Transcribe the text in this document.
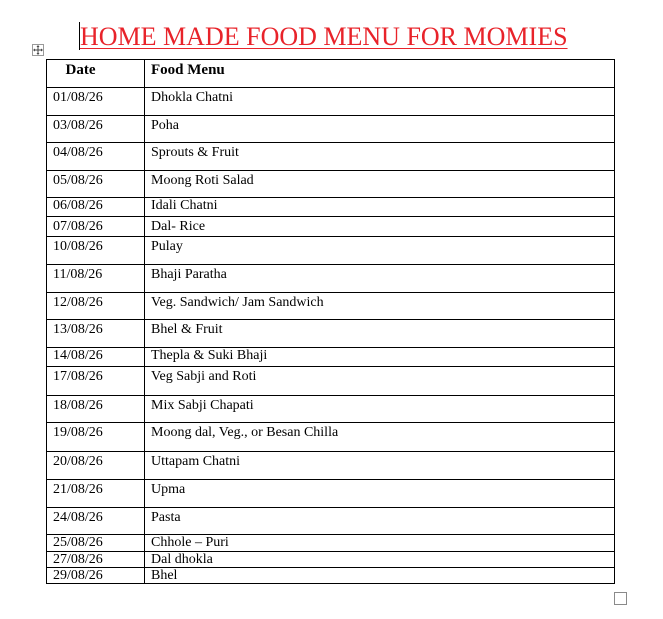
HOME MADE FOOD MENU FOR MOMIES
Date	Food Menu

01/08/26	Dhokla Chatni

03/08/26	Poha

04/08/26	Sprouts & Fruit

05/08/26	Moong Roti Salad

06/08/26	Idali Chatni

07/08/26	Dal- Rice

10/08/26	Pulay

11/08/26	Bhaji Paratha

12/08/26	Veg. Sandwich/ Jam Sandwich

13/08/26	Bhel & Fruit

14/08/26	Thepla & Suki Bhaji

17/08/26	Veg Sabji and Roti

18/08/26	Mix Sabji Chapati

19/08/26	Moong dal, Veg., or Besan Chilla

20/08/26	Uttapam Chatni

21/08/26	Upma

24/08/26	Pasta

25/08/26	Chhole – Puri

27/08/26	Dal dhokla

29/08/26	Bhel
